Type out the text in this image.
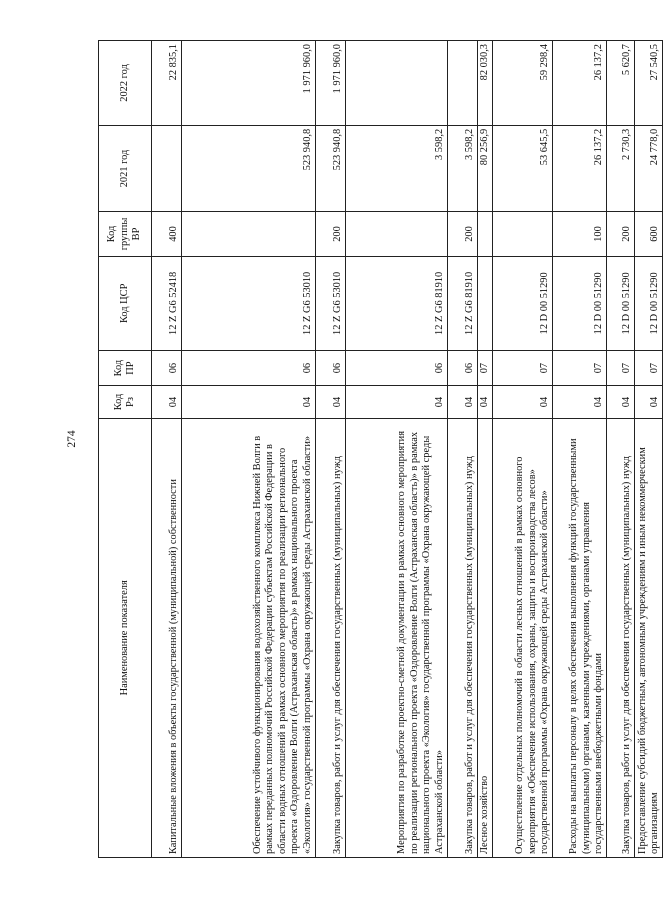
274
Наименование показателя	Код Рз	Код ПР	Код ЦСР	Код группы ВР	2021 год	2022 год
Капитальные вложения в объекты государственной (муниципальной) собственности	04	06	12 Z G6 52418	400		22 835,1
Обеспечение устойчивого функционирования водохозяйственного комплекса Нижней Волги в рамках переданных полномочий Российской Федерации субъектам Российской Федерации в области водных отношений в рамках основного мероприятия по реализации регионального проекта «Оздоровление Волги (Астраханская область)» в рамках национального проекта «Экология» государственной программы «Охрана окружающей среды Астраханской области»	04	06	12 Z G6 53010		523 940,8	1 971 960,0
Закупка товаров, работ и услуг для обеспечения государственных (муниципальных) нужд	04	06	12 Z G6 53010	200	523 940,8	1 971 960,0
Мероприятия по разработке проектно-сметной документации в рамках основного мероприятия по реализации регионального проекта «Оздоровление Волги (Астраханская область)» в рамках национального проекта «Экология» государственной программы «Охрана окружающей среды Астраханской области»	04	06	12 Z G6 81910		3 598,2	
Закупка товаров, работ и услуг для обеспечения государственных (муниципальных) нужд	04	06	12 Z G6 81910	200	3 598,2	
Лесное хозяйство	04	07			80 256,9	82 030,3
Осуществление отдельных полномочий в области лесных отношений в рамках основного мероприятия «Обеспечение использования, охраны, защиты и воспроизводства лесов» государственной программы «Охрана окружающей среды Астраханской области»	04	07	12 D 00 51290		53 645,5	59 298,4
Расходы на выплаты персоналу в целях обеспечения выполнения функций государственными (муниципальными) органами, казенными учреждениями, органами управления государственными внебюджетными фондами	04	07	12 D 00 51290	100	26 137,2	26 137,2
Закупка товаров, работ и услуг для обеспечения государственных (муниципальных) нужд	04	07	12 D 00 51290	200	2 730,3	5 620,7
Предоставление субсидий бюджетным, автономным учреждениям и иным некоммерческим организациям	04	07	12 D 00 51290	600	24 778,0	27 540,5
